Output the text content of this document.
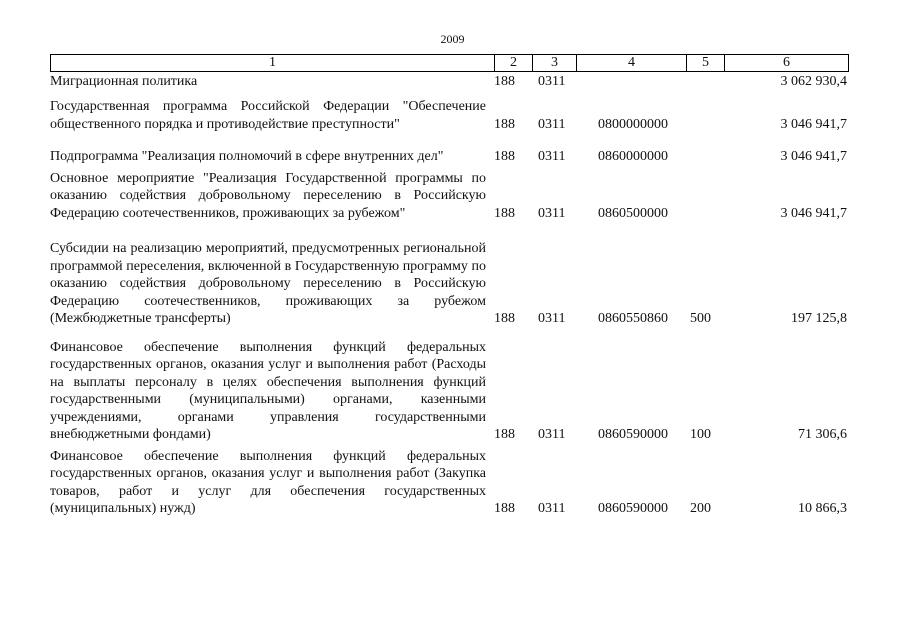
2009
1	2	3	4	5	6
Миграционная политика	188	0311			3 062 930,4

Государственная программа Российской Федерации "Обеспечение общественного порядка и противодействие преступности"	188	0311	0800000000		3 046 941,7

Подпрограмма "Реализация полномочий в сфере внутренних дел"	188	0311	0860000000		3 046 941,7

Основное мероприятие "Реализация Государственной программы по оказанию содействия добровольному переселению в Российскую Федерацию соотечественников, проживающих за рубежом"	188	0311	0860500000		3 046 941,7

Субсидии на реализацию мероприятий, предусмотренных региональной программой переселения, включенной в Государственную программу по оказанию содействия добровольному переселению в Российскую Федерацию соотечественников, проживающих за рубежом (Межбюджетные трансферты)	188	0311	0860550860	500	197 125,8

Финансовое обеспечение выполнения функций федеральных государственных органов, оказания услуг и выполнения работ (Расходы на выплаты персоналу в целях обеспечения выполнения функций государственными (муниципальными) органами, казенными учреждениями, органами управления государственными внебюджетными фондами)	188	0311	0860590000	100	71 306,6

Финансовое обеспечение выполнения функций федеральных государственных органов, оказания услуг и выполнения работ (Закупка товаров, работ и услуг для обеспечения государственных (муниципальных) нужд)	188	0311	0860590000	200	10 866,3
